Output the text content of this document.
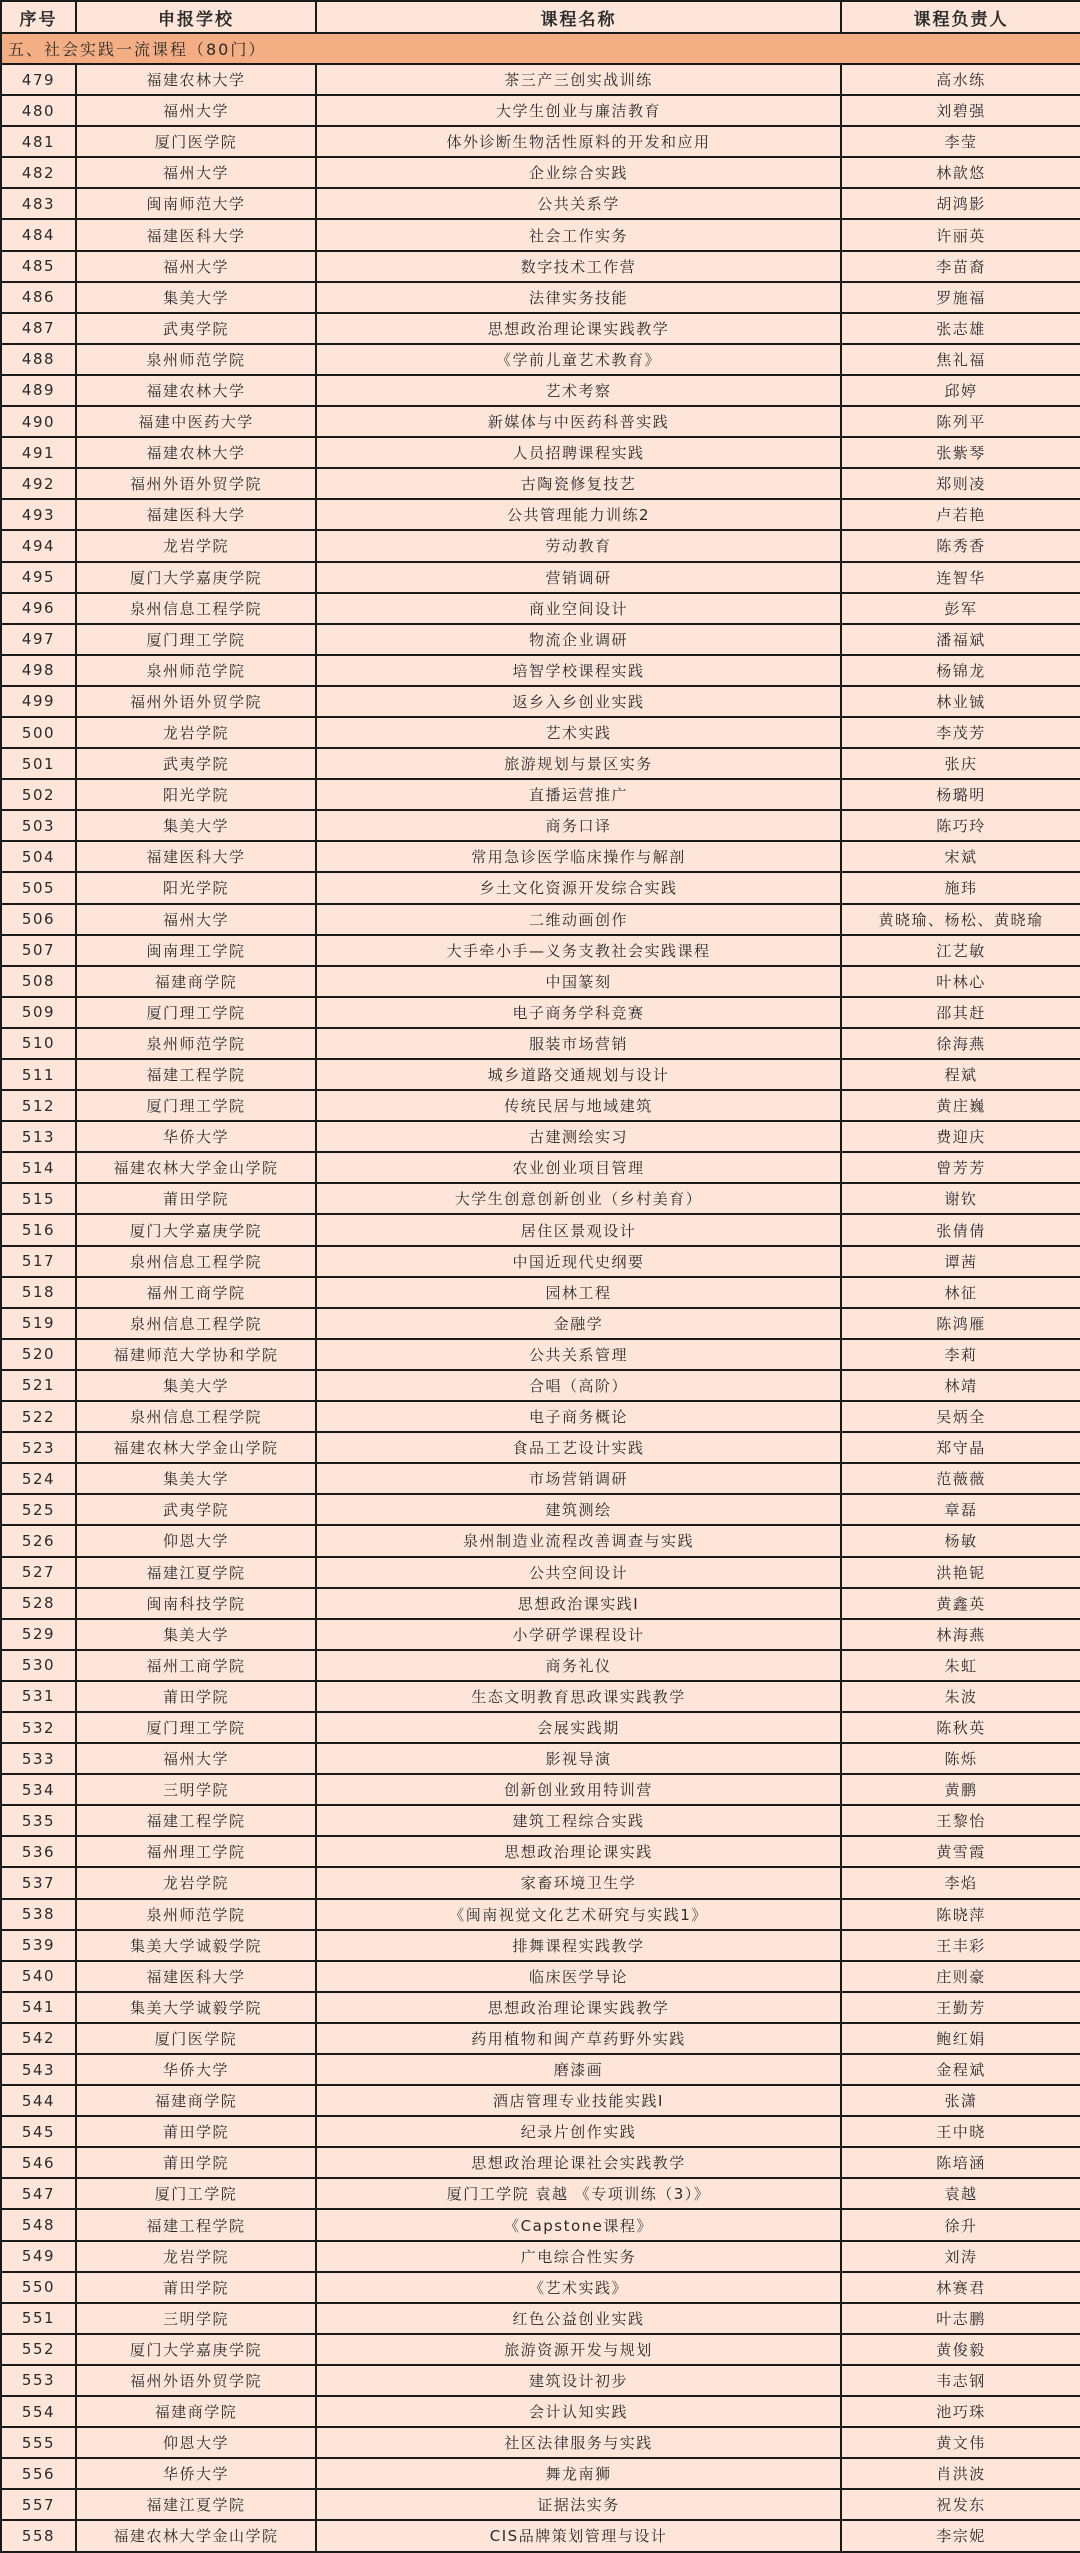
序号	申报学校	课程名称	课程负责人
五、社会实践一流课程（80门）			
479	福建农林大学	茶三产三创实战训练	高水练
480	福州大学	大学生创业与廉洁教育	刘碧强
481	厦门医学院	体外诊断生物活性原料的开发和应用	李莹
482	福州大学	企业综合实践	林歆悠
483	闽南师范大学	公共关系学	胡鸿影
484	福建医科大学	社会工作实务	许丽英
485	福州大学	数字技术工作营	李苗裔
486	集美大学	法律实务技能	罗施福
487	武夷学院	思想政治理论课实践教学	张志雄
488	泉州师范学院	《学前儿童艺术教育》	焦礼福
489	福建农林大学	艺术考察	邱婷
490	福建中医药大学	新媒体与中医药科普实践	陈列平
491	福建农林大学	人员招聘课程实践	张紫琴
492	福州外语外贸学院	古陶瓷修复技艺	郑则凌
493	福建医科大学	公共管理能力训练2	卢若艳
494	龙岩学院	劳动教育	陈秀香
495	厦门大学嘉庚学院	营销调研	连智华
496	泉州信息工程学院	商业空间设计	彭军
497	厦门理工学院	物流企业调研	潘福斌
498	泉州师范学院	培智学校课程实践	杨锦龙
499	福州外语外贸学院	返乡入乡创业实践	林业铖
500	龙岩学院	艺术实践	李茂芳
501	武夷学院	旅游规划与景区实务	张庆
502	阳光学院	直播运营推广	杨璐明
503	集美大学	商务口译	陈巧玲
504	福建医科大学	常用急诊医学临床操作与解剖	宋斌
505	阳光学院	乡土文化资源开发综合实践	施玮
506	福州大学	二维动画创作	黄晓瑜、杨松、黄晓瑜
507	闽南理工学院	大手牵小手—义务支教社会实践课程	江艺敏
508	福建商学院	中国篆刻	叶林心
509	厦门理工学院	电子商务学科竞赛	邵其赶
510	泉州师范学院	服装市场营销	徐海燕
511	福建工程学院	城乡道路交通规划与设计	程斌
512	厦门理工学院	传统民居与地域建筑	黄庄巍
513	华侨大学	古建测绘实习	费迎庆
514	福建农林大学金山学院	农业创业项目管理	曾芳芳
515	莆田学院	大学生创意创新创业（乡村美育）	谢钦
516	厦门大学嘉庚学院	居住区景观设计	张倩倩
517	泉州信息工程学院	中国近现代史纲要	谭茜
518	福州工商学院	园林工程	林征
519	泉州信息工程学院	金融学	陈鸿雁
520	福建师范大学协和学院	公共关系管理	李莉
521	集美大学	合唱（高阶）	林靖
522	泉州信息工程学院	电子商务概论	吴炳全
523	福建农林大学金山学院	食品工艺设计实践	郑守晶
524	集美大学	市场营销调研	范薇薇
525	武夷学院	建筑测绘	章磊
526	仰恩大学	泉州制造业流程改善调查与实践	杨敏
527	福建江夏学院	公共空间设计	洪艳铌
528	闽南科技学院	思想政治课实践Ⅰ	黄鑫英
529	集美大学	小学研学课程设计	林海燕
530	福州工商学院	商务礼仪	朱虹
531	莆田学院	生态文明教育思政课实践教学	朱波
532	厦门理工学院	会展实践期	陈秋英
533	福州大学	影视导演	陈烁
534	三明学院	创新创业致用特训营	黄鹏
535	福建工程学院	建筑工程综合实践	王黎怡
536	福州理工学院	思想政治理论课实践	黄雪霞
537	龙岩学院	家畜环境卫生学	李焰
538	泉州师范学院	《闽南视觉文化艺术研究与实践1》	陈晓萍
539	集美大学诚毅学院	排舞课程实践教学	王丰彩
540	福建医科大学	临床医学导论	庄则豪
541	集美大学诚毅学院	思想政治理论课实践教学	王勤芳
542	厦门医学院	药用植物和闽产草药野外实践	鲍红娟
543	华侨大学	磨漆画	金程斌
544	福建商学院	酒店管理专业技能实践Ⅰ	张潇
545	莆田学院	纪录片创作实践	王中晓
546	莆田学院	思想政治理论课社会实践教学	陈培涵
547	厦门工学院	厦门工学院 袁越 《专项训练（3）》	袁越
548	福建工程学院	《Capstone课程》	徐升
549	龙岩学院	广电综合性实务	刘涛
550	莆田学院	《艺术实践》	林赛君
551	三明学院	红色公益创业实践	叶志鹏
552	厦门大学嘉庚学院	旅游资源开发与规划	黄俊毅
553	福州外语外贸学院	建筑设计初步	韦志钢
554	福建商学院	会计认知实践	池巧珠
555	仰恩大学	社区法律服务与实践	黄文伟
556	华侨大学	舞龙南狮	肖洪波
557	福建江夏学院	证据法实务	祝发东
558	福建农林大学金山学院	CIS品牌策划管理与设计	李宗妮
